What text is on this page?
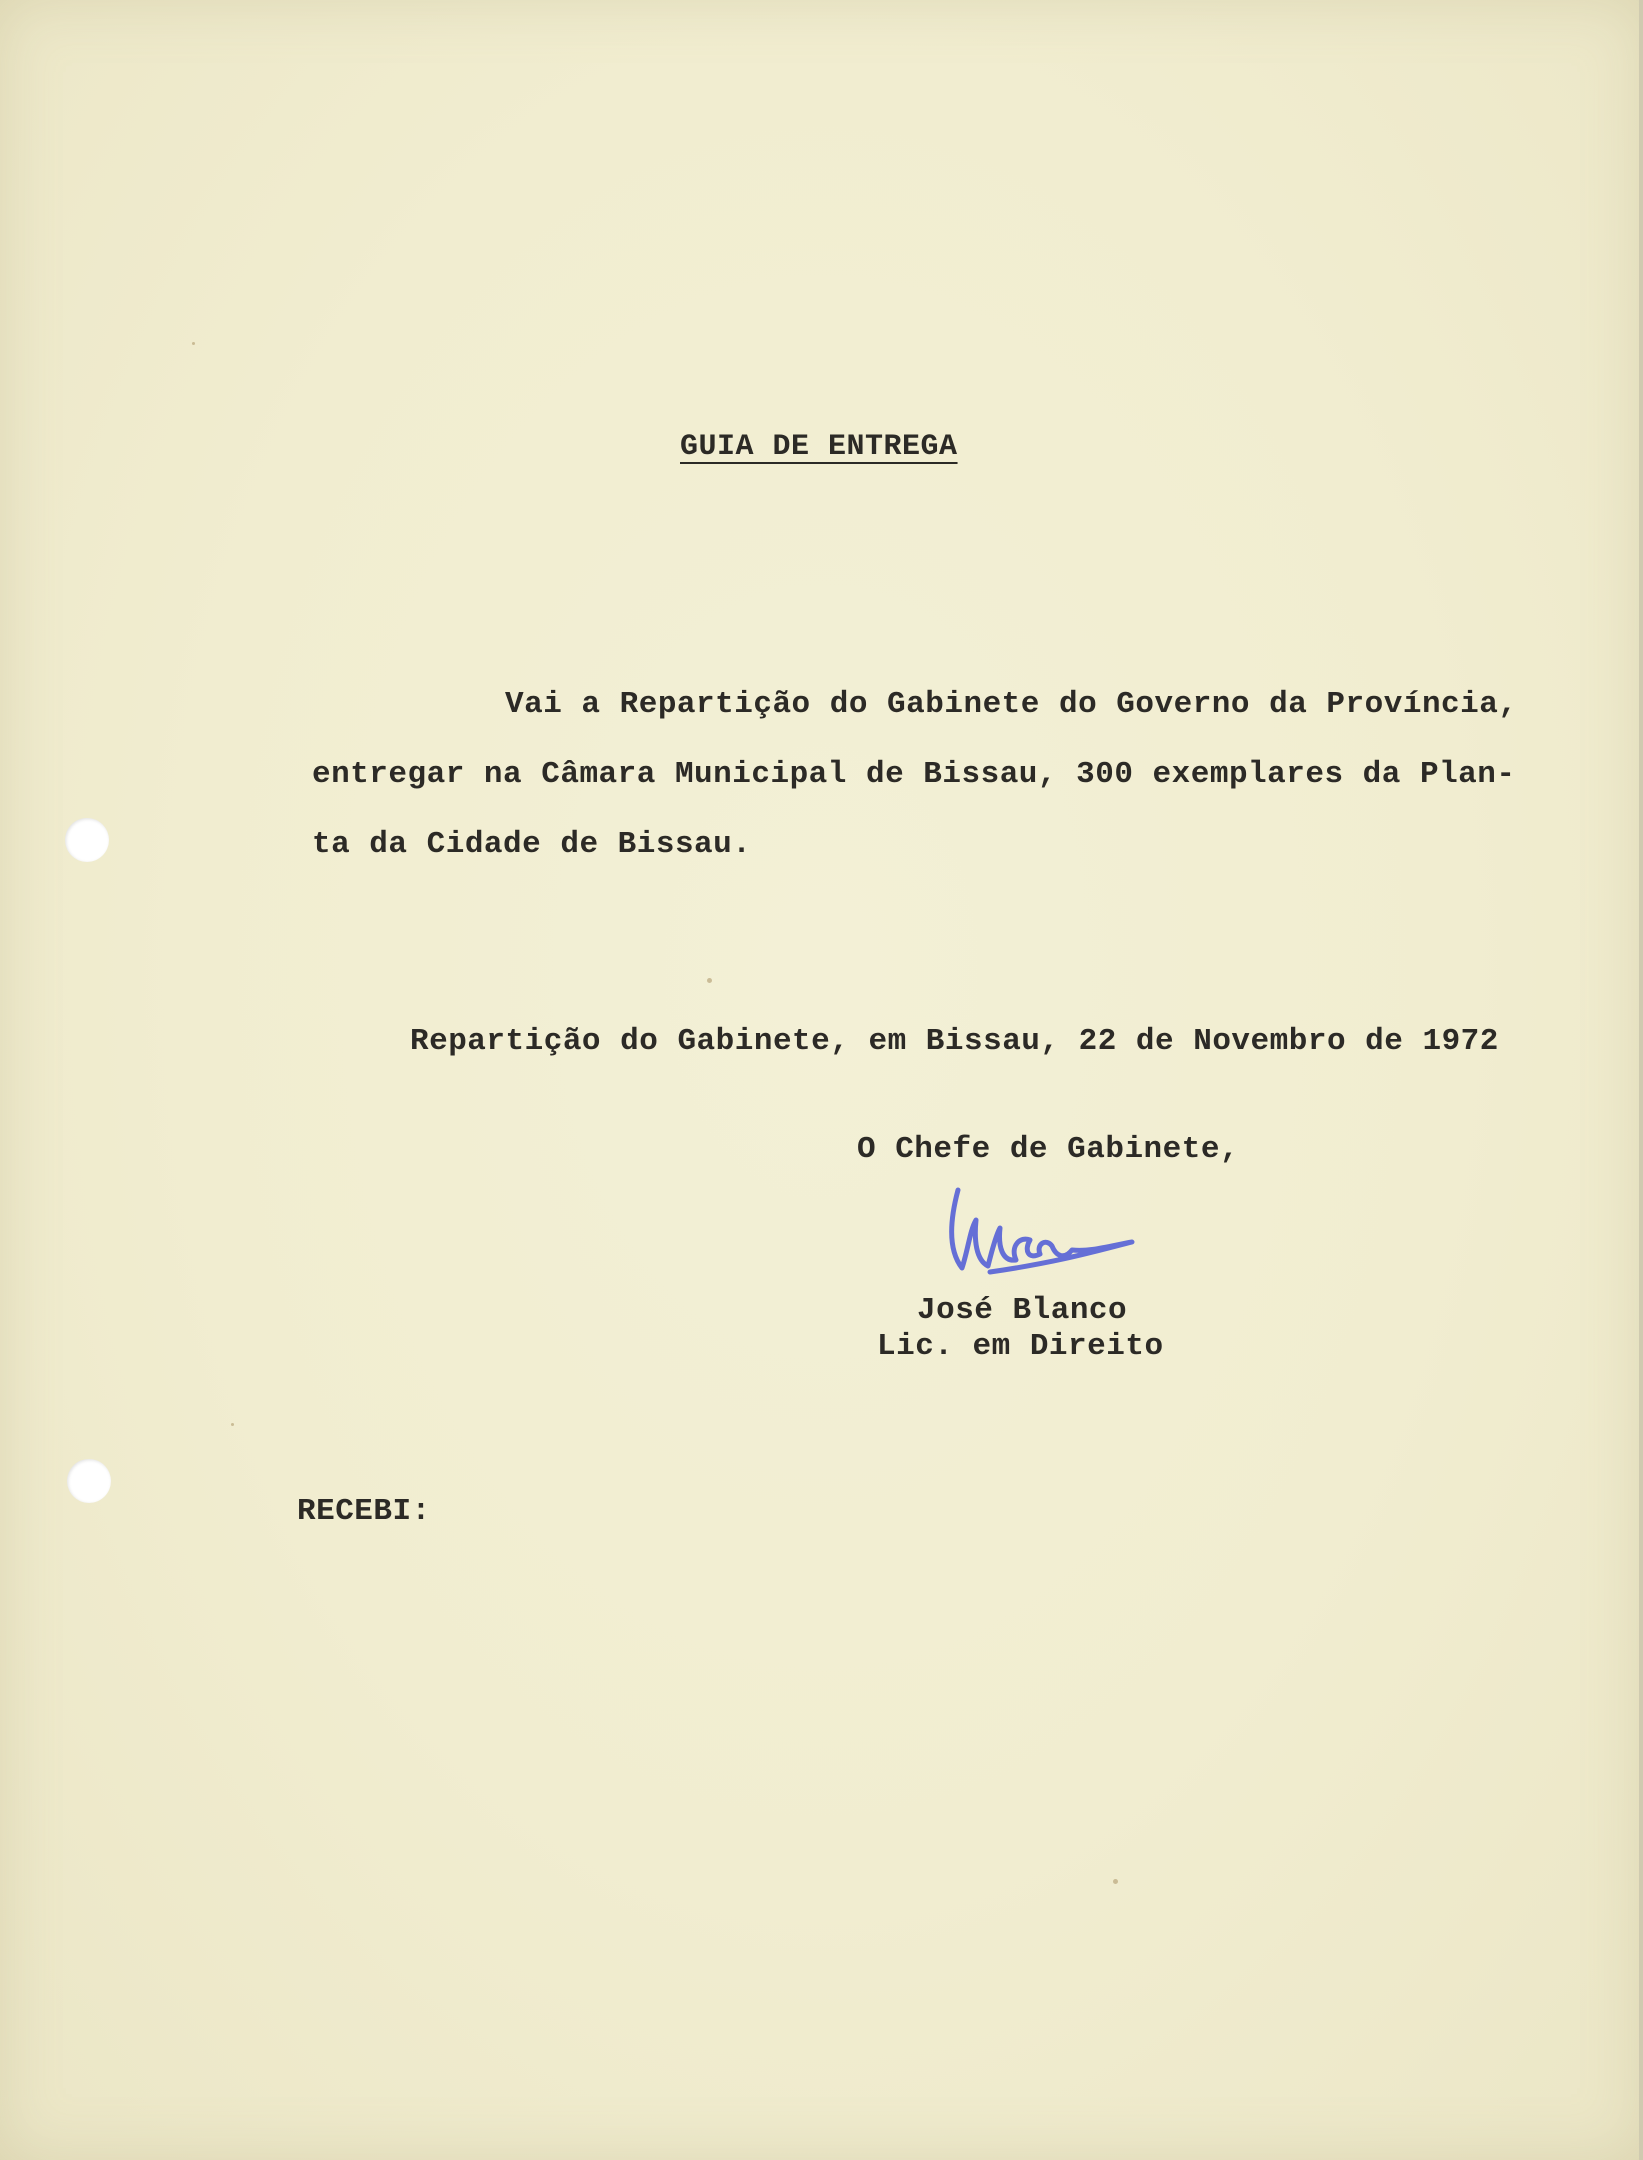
GUIA DE ENTREGA
Vai a Repartição do Gabinete do Governo da Província,
entregar na Câmara Municipal de Bissau, 300 exemplares da Plan-
ta da Cidade de Bissau.
Repartição do Gabinete, em Bissau, 22 de Novembro de 1972
O Chefe de Gabinete,
José Blanco
Lic. em Direito
RECEBI:
